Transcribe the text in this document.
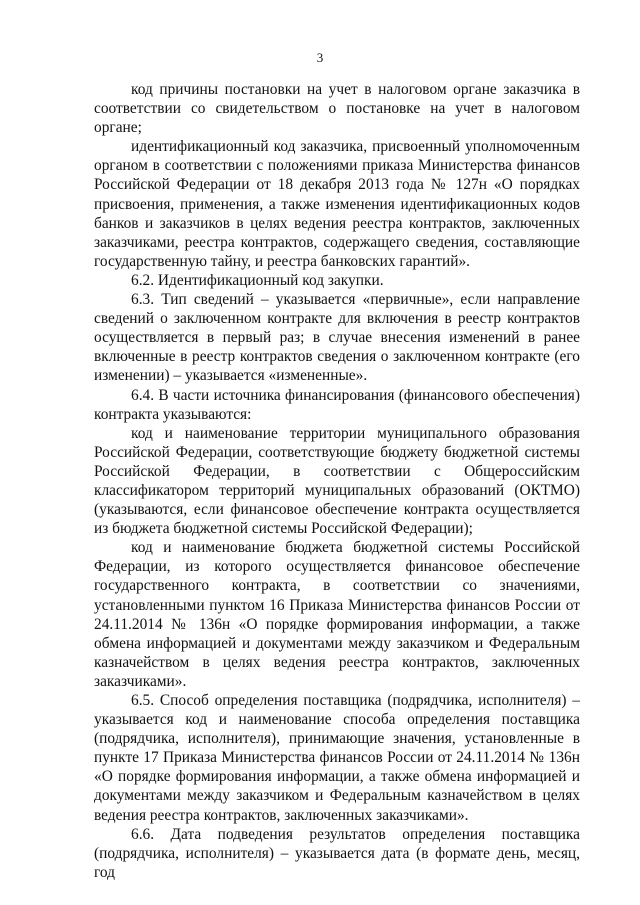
3

код причины постановки на учет в налоговом органе заказчика в соответствии со свидетельством о постановке на учет в налоговом органе;

идентификационный код заказчика, присвоенный уполномоченным органом в соответствии с положениями приказа Министерства финансов Российской Федерации от 18 декабря 2013 года № 127н «О порядках присвоения, применения, а также изменения идентификационных кодов банков и заказчиков в целях ведения реестра контрактов, заключенных заказчиками, реестра контрактов, содержащего сведения, составляющие государственную тайну, и реестра банковских гарантий».

6.2. Идентификационный код закупки.

6.3. Тип сведений – указывается «первичные», если направление сведений о заключенном контракте для включения в реестр контрактов осуществляется в первый раз; в случае внесения изменений в ранее включенные в реестр контрактов сведения о заключенном контракте (его изменении) – указывается «измененные».

6.4. В части источника финансирования (финансового обеспечения) контракта указываются:

код и наименование территории муниципального образования Российской Федерации, соответствующие бюджету бюджетной системы Российской Федерации, в соответствии с Общероссийским классификатором территорий муниципальных образований (ОКТМО) (указываются, если финансовое обеспечение контракта осуществляется из бюджета бюджетной системы Российской Федерации);

код и наименование бюджета бюджетной системы Российской Федерации, из которого осуществляется финансовое обеспечение государственного контракта, в соответствии со значениями, установленными пунктом 16 Приказа Министерства финансов России от 24.11.2014 № 136н «О порядке формирования информации, а также обмена информацией и документами между заказчиком и Федеральным казначейством в целях ведения реестра контрактов, заключенных заказчиками».

6.5. Способ определения поставщика (подрядчика, исполнителя) – указывается код и наименование способа определения поставщика (подрядчика, исполнителя), принимающие значения, установленные в пункте 17 Приказа Министерства финансов России от 24.11.2014 № 136н «О порядке формирования информации, а также обмена информацией и документами между заказчиком и Федеральным казначейством в целях ведения реестра контрактов, заключенных заказчиками».

6.6. Дата подведения результатов определения поставщика (подрядчика, исполнителя) – указывается дата (в формате день, месяц, год
